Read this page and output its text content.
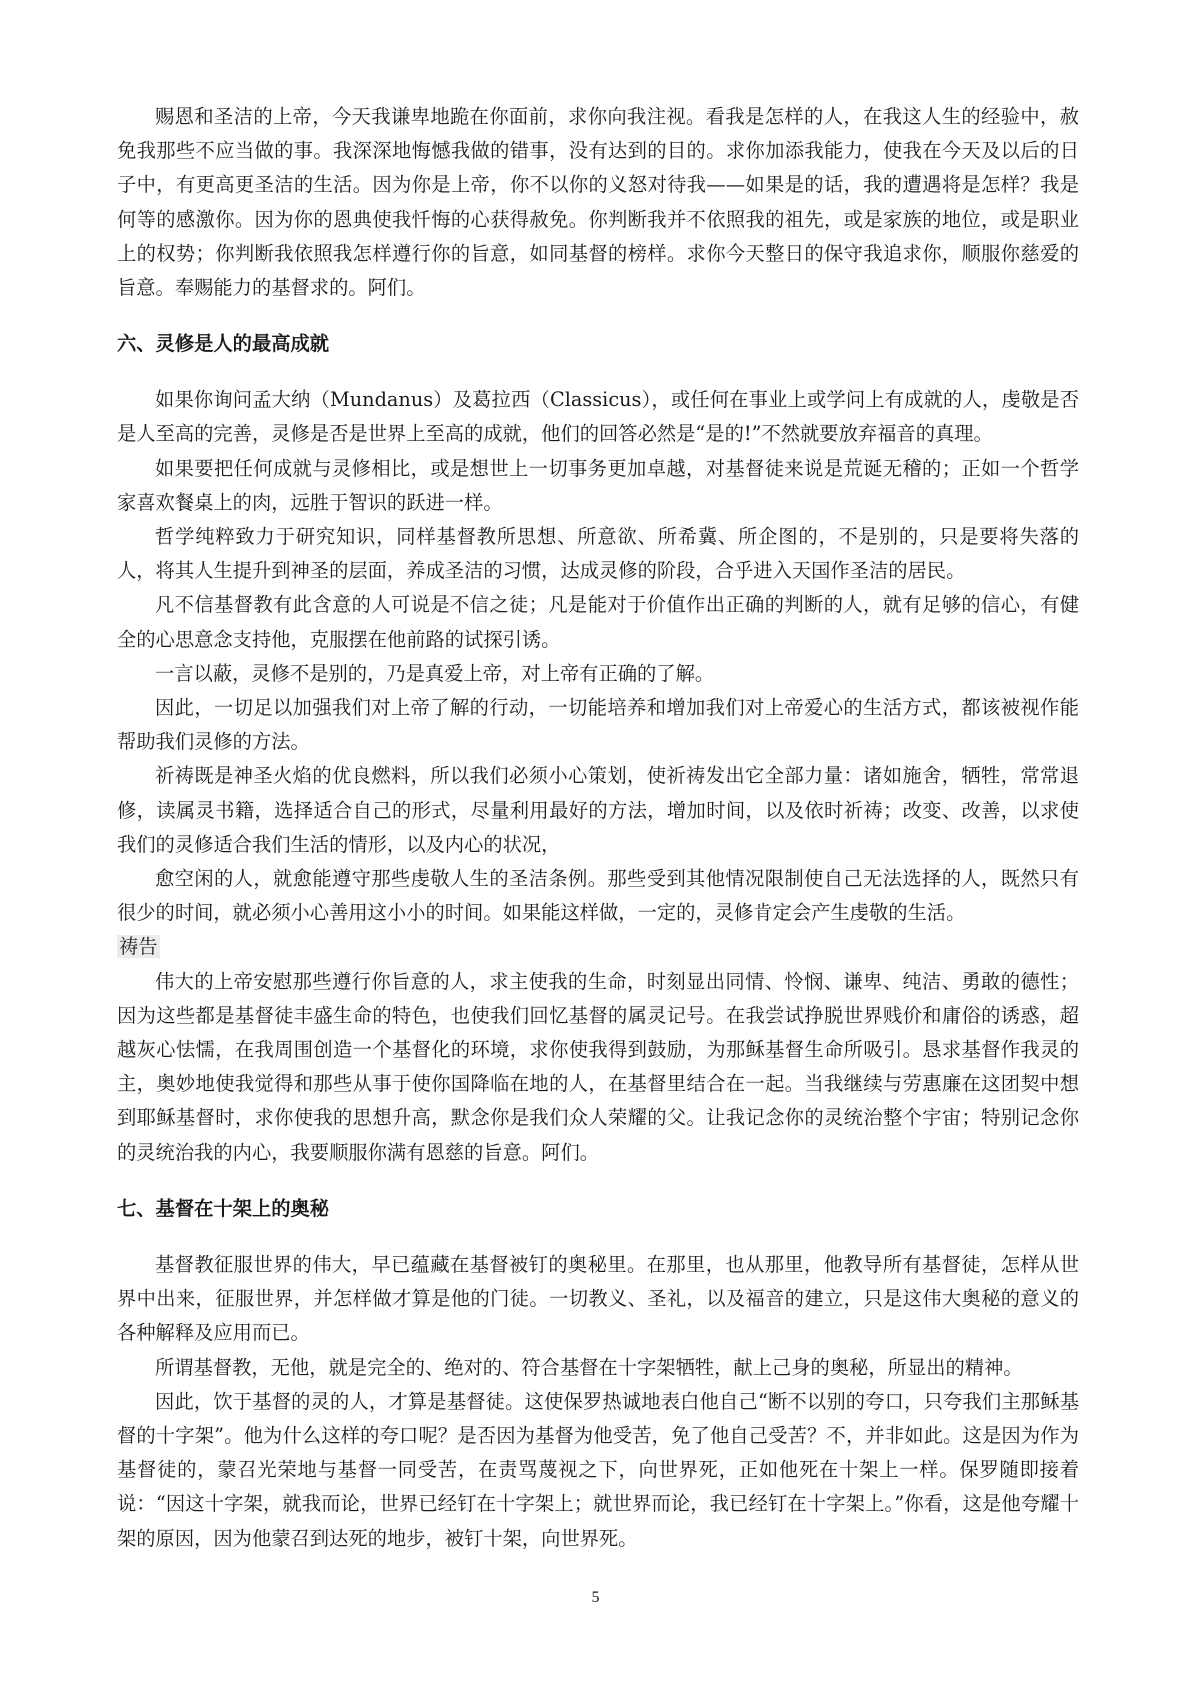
赐恩和圣洁的上帝，今天我谦卑地跪在你面前，求你向我注视。看我是怎样的人，在我这人生的经验中，赦免我那些不应当做的事。我深深地悔憾我做的错事，没有达到的目的。求你加添我能力，使我在今天及以后的日子中，有更高更圣洁的生活。因为你是上帝，你不以你的义怒对待我——如果是的话，我的遭遇将是怎样？我是何等的感激你。因为你的恩典使我忏悔的心获得赦免。你判断我并不依照我的祖先，或是家族的地位，或是职业上的权势；你判断我依照我怎样遵行你的旨意，如同基督的榜样。求你今天整日的保守我追求你，顺服你慈爱的旨意。奉赐能力的基督求的。阿们。

六、灵修是人的最高成就

如果你询问孟大纳（Mundanus）及葛拉西（Classicus），或任何在事业上或学问上有成就的人，虔敬是否是人至高的完善，灵修是否是世界上至高的成就，他们的回答必然是“是的!”不然就要放弃福音的真理。

如果要把任何成就与灵修相比，或是想世上一切事务更加卓越，对基督徒来说是荒诞无稽的；正如一个哲学家喜欢餐桌上的肉，远胜于智识的跃进一样。

哲学纯粹致力于研究知识，同样基督教所思想、所意欲、所希冀、所企图的，不是别的，只是要将失落的人，将其人生提升到神圣的层面，养成圣洁的习惯，达成灵修的阶段，合乎进入天国作圣洁的居民。

凡不信基督教有此含意的人可说是不信之徒；凡是能对于价值作出正确的判断的人，就有足够的信心，有健全的心思意念支持他，克服摆在他前路的试探引诱。

一言以蔽，灵修不是别的，乃是真爱上帝，对上帝有正确的了解。

因此，一切足以加强我们对上帝了解的行动，一切能培养和增加我们对上帝爱心的生活方式，都该被视作能帮助我们灵修的方法。

祈祷既是神圣火焰的优良燃料，所以我们必须小心策划，使祈祷发出它全部力量：诸如施舍，牺牲，常常退修，读属灵书籍，选择适合自己的形式，尽量利用最好的方法，增加时间，以及依时祈祷；改变、改善，以求使我们的灵修适合我们生活的情形，以及内心的状况，

愈空闲的人，就愈能遵守那些虔敬人生的圣洁条例。那些受到其他情况限制使自己无法选择的人，既然只有很少的时间，就必须小心善用这小小的时间。如果能这样做，一定的，灵修肯定会产生虔敬的生活。

祷告

伟大的上帝安慰那些遵行你旨意的人，求主使我的生命，时刻显出同情、怜悯、谦卑、纯洁、勇敢的德性；因为这些都是基督徒丰盛生命的特色，也使我们回忆基督的属灵记号。在我尝试挣脱世界贱价和庸俗的诱惑，超越灰心怯懦，在我周围创造一个基督化的环境，求你使我得到鼓励，为那稣基督生命所吸引。恳求基督作我灵的主，奥妙地使我觉得和那些从事于使你国降临在地的人，在基督里结合在一起。当我继续与劳惠廉在这团契中想到耶稣基督时，求你使我的思想升高，默念你是我们众人荣耀的父。让我记念你的灵统治整个宇宙；特别记念你的灵统治我的内心，我要顺服你满有恩慈的旨意。阿们。

七、基督在十架上的奥秘

基督教征服世界的伟大，早已蕴藏在基督被钉的奥秘里。在那里，也从那里，他教导所有基督徒，怎样从世界中出来，征服世界，并怎样做才算是他的门徒。一切教义、圣礼，以及福音的建立，只是这伟大奥秘的意义的各种解释及应用而已。

所谓基督教，无他，就是完全的、绝对的、符合基督在十字架牺牲，献上己身的奥秘，所显出的精神。

因此，饮于基督的灵的人，才算是基督徒。这使保罗热诚地表白他自己“断不以别的夸口，只夸我们主那稣基督的十字架”。他为什么这样的夸口呢？是否因为基督为他受苦，免了他自己受苦？不，并非如此。这是因为作为基督徒的，蒙召光荣地与基督一同受苦，在责骂蔑视之下，向世界死，正如他死在十架上一样。保罗随即接着说：“因这十字架，就我而论，世界已经钉在十字架上；就世界而论，我已经钉在十字架上。”你看，这是他夸耀十架的原因，因为他蒙召到达死的地步，被钉十架，向世界死。

5
